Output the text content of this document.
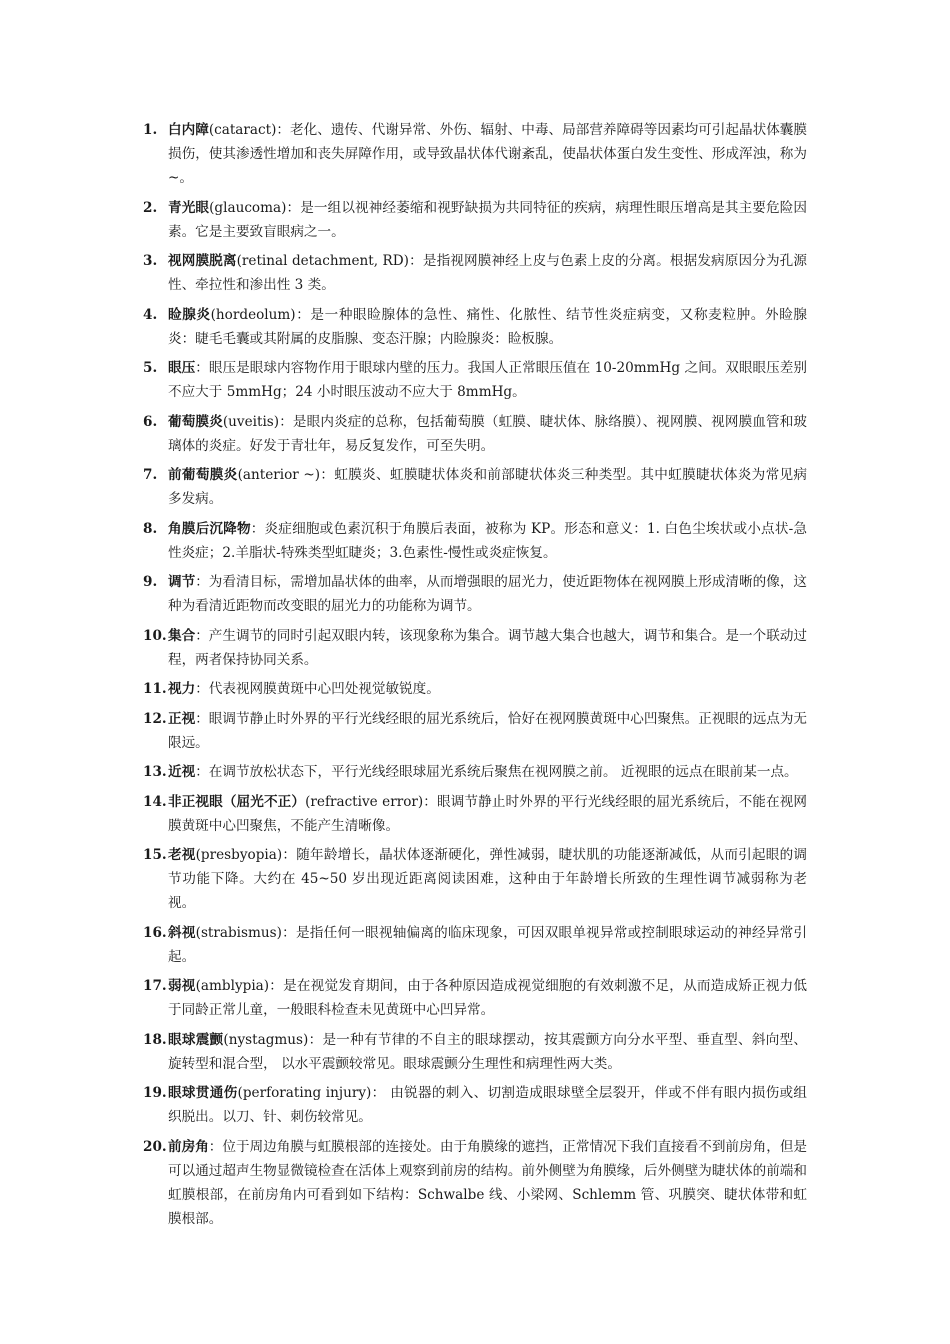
1. 白内障(cataract)：老化、遗传、代谢异常、外伤、辐射、中毒、局部营养障碍等因素均可引起晶状体囊膜损伤，使其渗透性增加和丧失屏障作用，或导致晶状体代谢紊乱，使晶状体蛋白发生变性、形成浑浊，称为~。

2. 青光眼(glaucoma)：是一组以视神经萎缩和视野缺损为共同特征的疾病，病理性眼压增高是其主要危险因素。它是主要致盲眼病之一。

3. 视网膜脱离(retinal detachment, RD)：是指视网膜神经上皮与色素上皮的分离。根据发病原因分为孔源性、牵拉性和渗出性 3 类。

4. 睑腺炎(hordeolum)：是一种眼睑腺体的急性、痛性、化脓性、结节性炎症病变，又称麦粒肿。外睑腺炎：睫毛毛囊或其附属的皮脂腺、变态汗腺；内睑腺炎：睑板腺。

5. 眼压：眼压是眼球内容物作用于眼球内壁的压力。我国人正常眼压值在 10-20mmHg 之间。双眼眼压差别不应大于 5mmHg；24 小时眼压波动不应大于 8mmHg。

6. 葡萄膜炎(uveitis)：是眼内炎症的总称，包括葡萄膜（虹膜、睫状体、脉络膜）、视网膜、视网膜血管和玻璃体的炎症。好发于青壮年，易反复发作，可至失明。

7. 前葡萄膜炎(anterior ~)：虹膜炎、虹膜睫状体炎和前部睫状体炎三种类型。其中虹膜睫状体炎为常见病多发病。

8. 角膜后沉降物：炎症细胞或色素沉积于角膜后表面，被称为 KP。形态和意义：1. 白色尘埃状或小点状-急性炎症；2.羊脂状-特殊类型虹睫炎；3.色素性-慢性或炎症恢复。

9. 调节：为看清目标，需增加晶状体的曲率，从而增强眼的屈光力，使近距物体在视网膜上形成清晰的像，这种为看清近距物而改变眼的屈光力的功能称为调节。

10. 集合：产生调节的同时引起双眼内转，该现象称为集合。调节越大集合也越大，调节和集合。是一个联动过程，两者保持协同关系。

11. 视力：代表视网膜黄斑中心凹处视觉敏锐度。

12. 正视：眼调节静止时外界的平行光线经眼的屈光系统后，恰好在视网膜黄斑中心凹聚焦。正视眼的远点为无限远。

13. 近视：在调节放松状态下，平行光线经眼球屈光系统后聚焦在视网膜之前。 近视眼的远点在眼前某一点。

14. 非正视眼（屈光不正）(refractive error)：眼调节静止时外界的平行光线经眼的屈光系统后，不能在视网膜黄斑中心凹聚焦，不能产生清晰像。

15. 老视(presbyopia)：随年龄增长，晶状体逐渐硬化，弹性减弱，睫状肌的功能逐渐减低，从而引起眼的调节功能下降。大约在 45~50 岁出现近距离阅读困难，这种由于年龄增长所致的生理性调节减弱称为老视。

16. 斜视(strabismus)：是指任何一眼视轴偏离的临床现象，可因双眼单视异常或控制眼球运动的神经异常引起。

17. 弱视(amblypia)：是在视觉发育期间，由于各种原因造成视觉细胞的有效刺激不足，从而造成矫正视力低于同龄正常儿童，一般眼科检查未见黄斑中心凹异常。

18. 眼球震颤(nystagmus)：是一种有节律的不自主的眼球摆动，按其震颤方向分水平型、垂直型、斜向型、旋转型和混合型， 以水平震颤较常见。眼球震颤分生理性和病理性两大类。

19. 眼球贯通伤(perforating injury)： 由锐器的刺入、切割造成眼球壁全层裂开，伴或不伴有眼内损伤或组织脱出。以刀、针、刺伤较常见。

20. 前房角：位于周边角膜与虹膜根部的连接处。由于角膜缘的遮挡，正常情况下我们直接看不到前房角，但是可以通过超声生物显微镜检查在活体上观察到前房的结构。前外侧壁为角膜缘，后外侧壁为睫状体的前端和虹膜根部，在前房角内可看到如下结构：Schwalbe 线、小梁网、Schlemm 管、巩膜突、睫状体带和虹膜根部。
